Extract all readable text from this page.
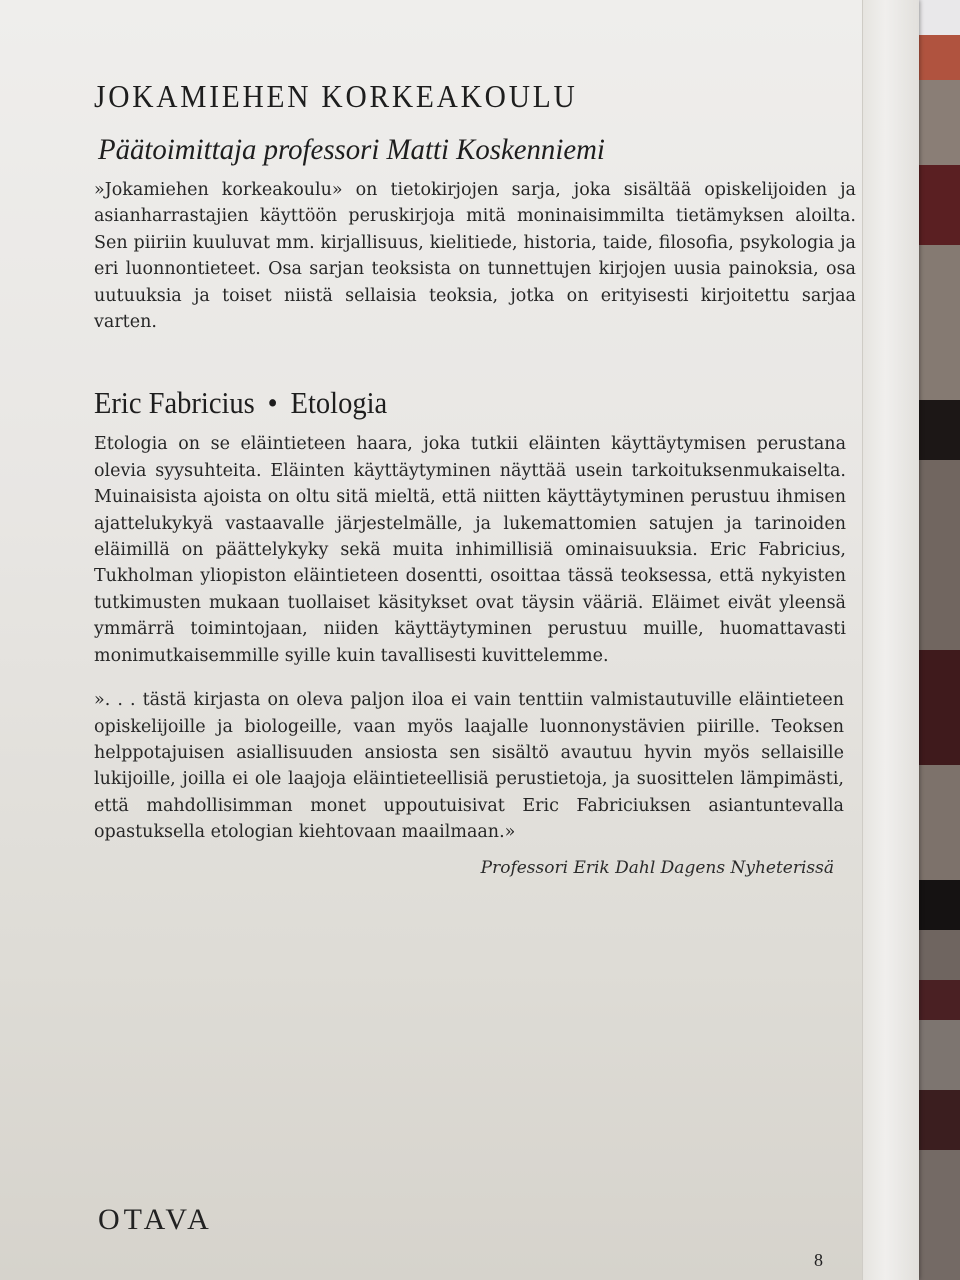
JOKAMIEHEN KORKEAKOULU
Päätoimittaja professori Matti Koskenniemi

»Jokamiehen korkeakoulu» on tietokirjojen sarja, joka sisältää opiskelijoiden ja asianharrastajien käyttöön peruskirjoja mitä moninaisimmilta tietämyksen aloilta. Sen piiriin kuuluvat mm. kirjallisuus, kielitiede, historia, taide, filosofia, psykologia ja eri luonnontieteet. Osa sarjan teoksista on tunnettujen kirjojen uusia painoksia, osa uutuuksia ja toiset niistä sellaisia teoksia, jotka on erityisesti kirjoitettu sarjaa varten.

Eric Fabricius • Etologia

Etologia on se eläintieteen haara, joka tutkii eläinten käyttäytymisen perustana olevia syysuhteita. Eläinten käyttäytyminen näyttää usein tarkoituksenmukaiselta. Muinaisista ajoista on oltu sitä mieltä, että niitten käyttäytyminen perustuu ihmisen ajattelukykyä vastaavalle järjestelmälle, ja lukemattomien satujen ja tarinoiden eläimillä on päättelykyky sekä muita inhimillisiä ominaisuuksia. Eric Fabricius, Tukholman yliopiston eläintieteen dosentti, osoittaa tässä teoksessa, että nykyisten tutkimusten mukaan tuollaiset käsitykset ovat täysin vääriä. Eläimet eivät yleensä ymmärrä toimintojaan, niiden käyttäytyminen perustuu muille, huomattavasti monimutkaisemmille syille kuin tavallisesti kuvittelemme.

». . . tästä kirjasta on oleva paljon iloa ei vain tenttiin valmistautuville eläintieteen opiskelijoille ja biologeille, vaan myös laajalle luonnonystävien piirille. Teoksen helppotajuisen asiallisuuden ansiosta sen sisältö avautuu hyvin myös sellaisille lukijoille, joilla ei ole laajoja eläintieteellisiä perustietoja, ja suosittelen lämpimästi, että mahdollisimman monet uppoutuisivat Eric Fabriciuksen asiantuntevalla opastuksella etologian kiehtovaan maailmaan.»

Professori Erik Dahl Dagens Nyheterissä
OTAVA
8
